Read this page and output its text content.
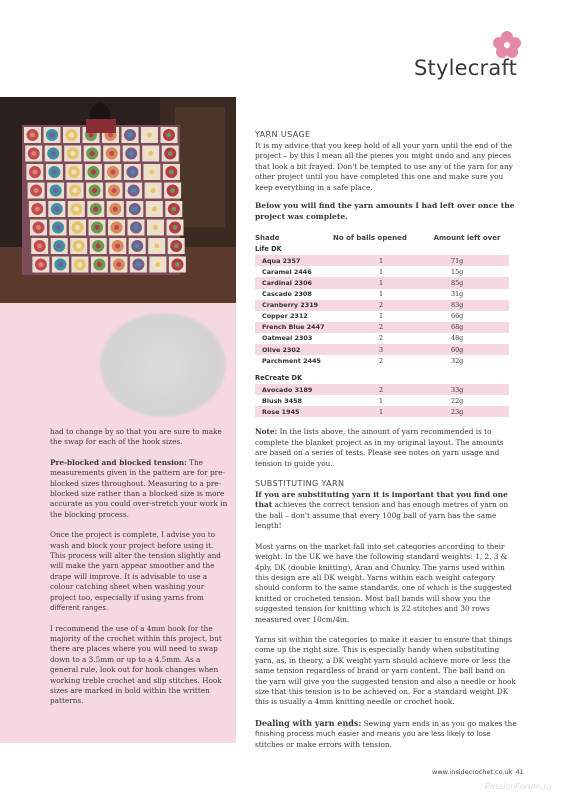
Stylecraft

had to change by so that you are sure to make the swap for each of the hook sizes.

Pre-blocked and blocked tension: The measurements given in the pattern are for pre-blocked sizes throughout. Measuring to a pre-blocked size rather than a blocked size is more accurate as you could over-stretch your work in the blocking process.

Once the project is complete, I advise you to wash and block your project before using it. This process will alter the tension slightly and will make the yarn appear smoother and the drape will improve. It is advisable to use a colour catching sheet when washing your project too, especially if using yarns from different ranges.

I recommend the use of a 4mm hook for the majority of the crochet within this project, but there are places where you will need to swap down to a 3.5mm or up to a 4.5mm. As a general rule, look out for hook changes when working treble crochet and slip stitches. Hook sizes are marked in bold within the written patterns.

YARN USAGE
It is my advice that you keep hold of all your yarn until the end of the project – by this I mean all the pieces you might undo and any pieces that look a bit frayed. Don't be tempted to use any of the yarn for any other project until you have completed this one and make sure you keep everything in a safe place.
Below you will find the yarn amounts I had left over once the project was complete.
Shade	No of balls opened	Amount left over
Life DK
Aqua 2357	1	71g
Caramel 2446	1	15g
Cardinal 2306	1	85g
Cascade 2308	1	31g
Cranberry 2319	2	83g
Copper 2312	1	66g
French Blue 2447	2	68g
Oatmeal 2303	2	48g
Olive 2302	3	60g
Parchment 2445	2	32g
ReCreate DK
Avocado 3189	2	33g
Blush 3458	1	22g
Rose 1945	1	23g
Note: In the lists above, the amount of yarn recommended is to complete the blanket project as in my original layout. The amounts are based on a series of tests. Please see notes on yarn usage and tension to guide you.
SUBSTITUTING YARN
If you are substituting yarn it is important that you find one that achieves the correct tension and has enough metres of yarn on the ball – don't assume that every 100g ball of yarn has the same length!
Most yarns on the market fall into set categories according to their weight. In the UK we have the following standard weights: 1, 2, 3 & 4ply, DK (double knitting), Aran and Chunky. The yarns used within this design are all DK weight. Yarns within each weight category should conform to the same standards, one of which is the suggested knitted or crocheted tension. Most ball bands will show you the suggested tension for knitting which is 22 stitches and 30 rows measured over 10cm/4in.
Yarns sit within the categories to make it easier to ensure that things come up the right size. This is especially handy when substituting yarn, as, in theory, a DK weight yarn should achieve more or less the same tension regardless of brand or yarn content. The ball band on the yarn will give you the suggested tension and also a needle or hook size that this tension is to be achieved on. For a standard weight DK this is usually a 4mm knitting needle or crochet hook.
Dealing with yarn ends: Sewing yarn ends in as you go makes the finishing process much easier and means you are less likely to lose stitches or make errors with tension.
www.insidecrochet.co.uk 41
PassionForum.ru
